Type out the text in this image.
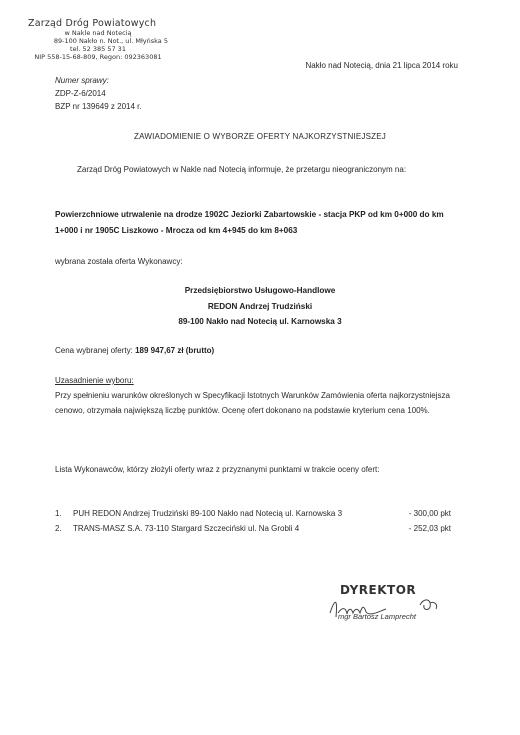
Zarząd Dróg Powiatowych
w Nakle nad Notecią
89-100 Nakło n. Not., ul. Młyńska 5
tel. 52 385 57 31
NIP 558-15-68-809, Regon: 092363081
Nakło nad Notecią, dnia 21 lipca 2014 roku
Numer sprawy:
ZDP-Z-6/2014
BZP nr 139649 z 2014 r.
ZAWIADOMIENIE O WYBORZE OFERTY NAJKORZYSTNIEJSZEJ
Zarząd Dróg Powiatowych w Nakle nad Notecią informuje, że przetargu nieograniczonym na:
Powierzchniowe utrwalenie na drodze 1902C Jeziorki Zabartowskie - stacja PKP od km 0+000 do km 1+000 i nr 1905C Liszkowo - Mrocza od km 4+945 do km 8+063
wybrana została oferta Wykonawcy:
Przedsiębiorstwo Usługowo-Handlowe
REDON Andrzej Trudziński
89-100 Nakło nad Notecią ul. Karnowska 3
Cena wybranej oferty: 189 947,67 zł (brutto)
Uzasadnienie wyboru:
Przy spełnieniu warunków określonych w Specyfikacji Istotnych Warunków Zamówienia oferta najkorzystniejsza cenowo, otrzymała największą liczbę punktów. Ocenę ofert dokonano na podstawie kryterium cena 100%.
Lista Wykonawców, którzy złożyli oferty wraz z przyznanymi punktami w trakcie oceny ofert:
1. PUH REDON Andrzej Trudziński 89-100 Nakło nad Notecią ul. Karnowska 3	- 300,00 pkt
2. TRANS-MASZ S.A. 73-110 Stargard Szczeciński ul. Na Grobli 4	- 252,03 pkt
DYREKTOR
mgr Bartosz Lamprecht
